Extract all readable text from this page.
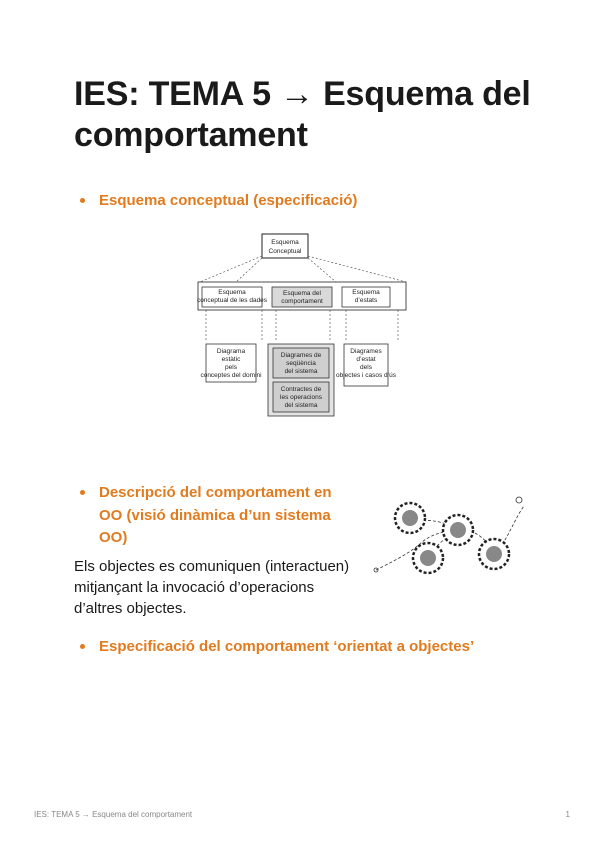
IES: TEMA 5 → Esquema del comportament
Esquema conceptual (especificació)
Esquema
Conceptual
Esquema
conceptual de les dades
Esquema del
comportament
Esquema
d’estats
Diagrama
estàtic
pels
conceptes del domini
Diagrames de
seqüència
del sistema
Contractes de
les operacions
del sistema
Diagrames
d’estat
dels
objectes i casos d’ús
Descripció del comportament en OO (visió dinàmica d’un sistema OO)

Els objectes es comuniquen (interactuen) mitjançant la invocació d’operacions d’altres objectes.

Especificació del comportament ‘orientat a objectes’
IES: TEMA 5 → Esquema del comportament	1
